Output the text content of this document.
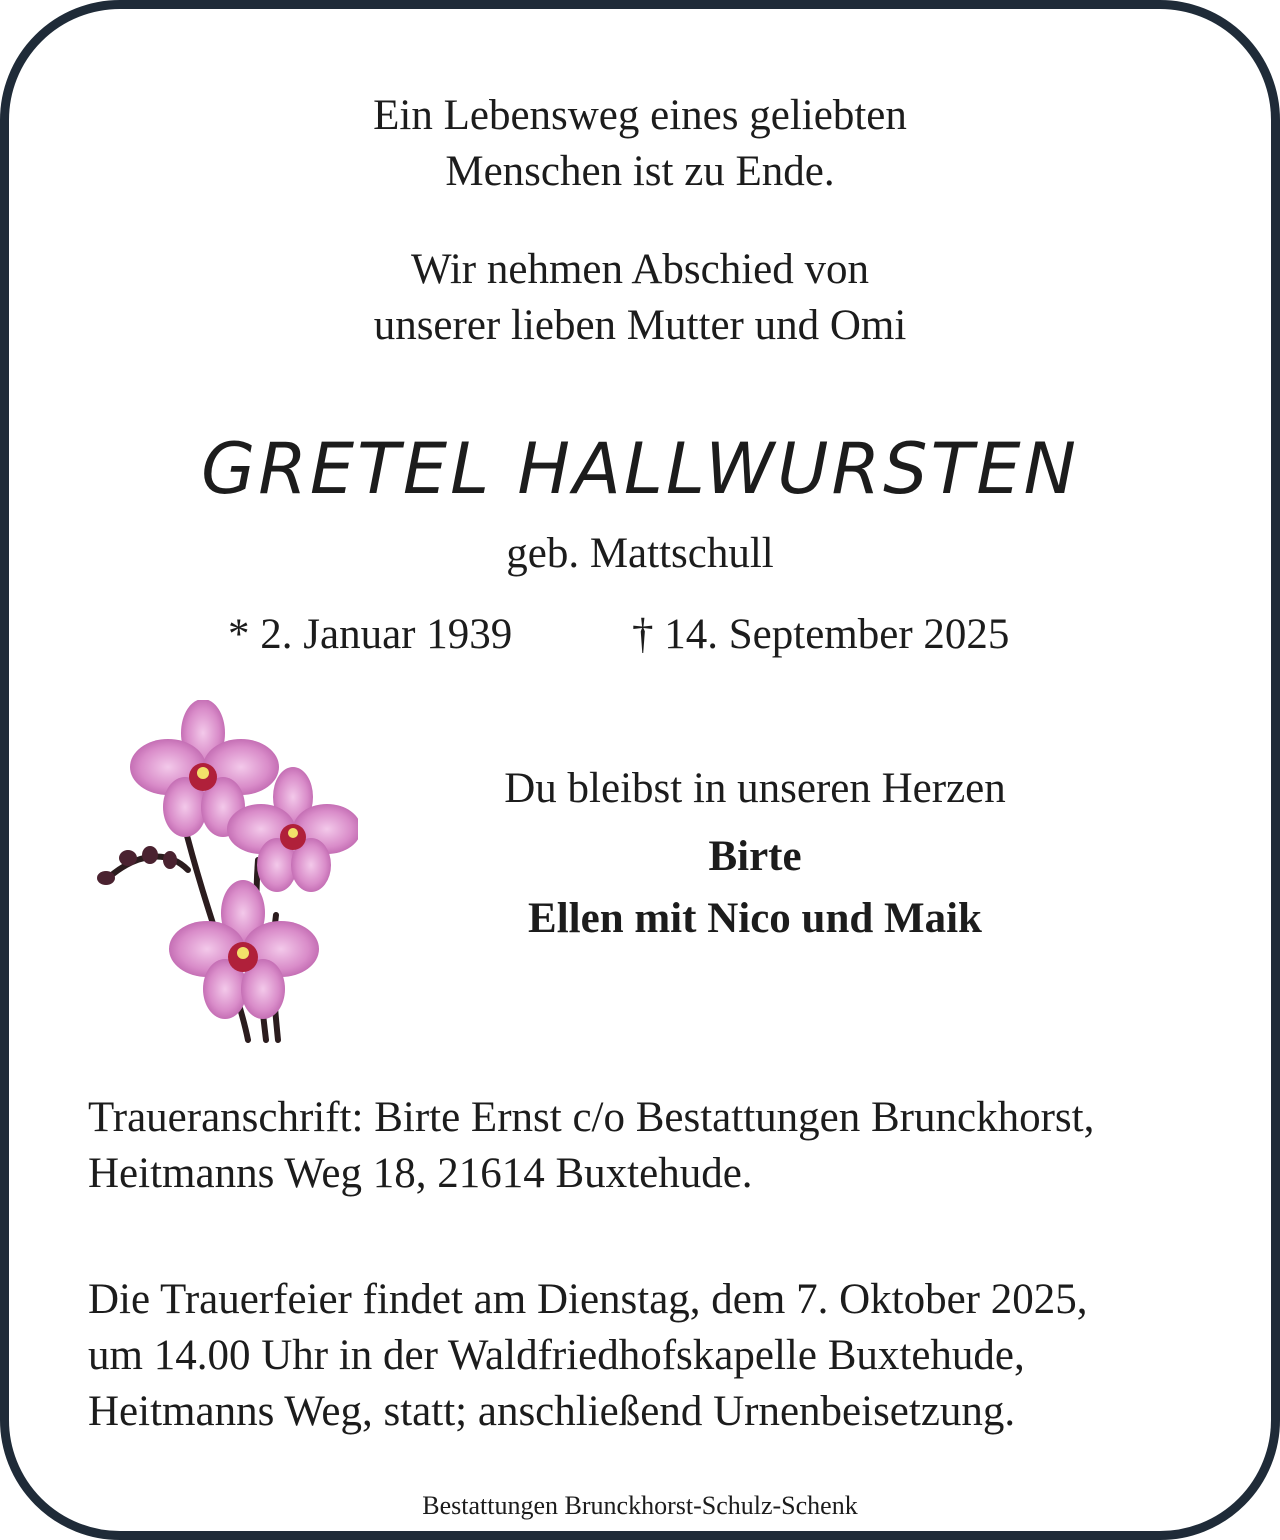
Ein Lebensweg eines geliebten
Menschen ist zu Ende.

Wir nehmen Abschied von
unserer lieben Mutter und Omi

GRETEL HALLWURSTEN

geb. Mattschull

* 2. Januar 1939	† 14. September 2025

Du bleibst in unseren Herzen

Birte

Ellen mit Nico und Maik

Traueranschrift: Birte Ernst c/o Bestattungen Brunckhorst,
Heitmanns Weg 18, 21614 Buxtehude.

Die Trauerfeier findet am Dienstag, dem 7. Oktober 2025,
um 14.00 Uhr in der Waldfriedhofskapelle Buxtehude,
Heitmanns Weg, statt; anschließend Urnenbeisetzung.

Bestattungen Brunckhorst-Schulz-Schenk
